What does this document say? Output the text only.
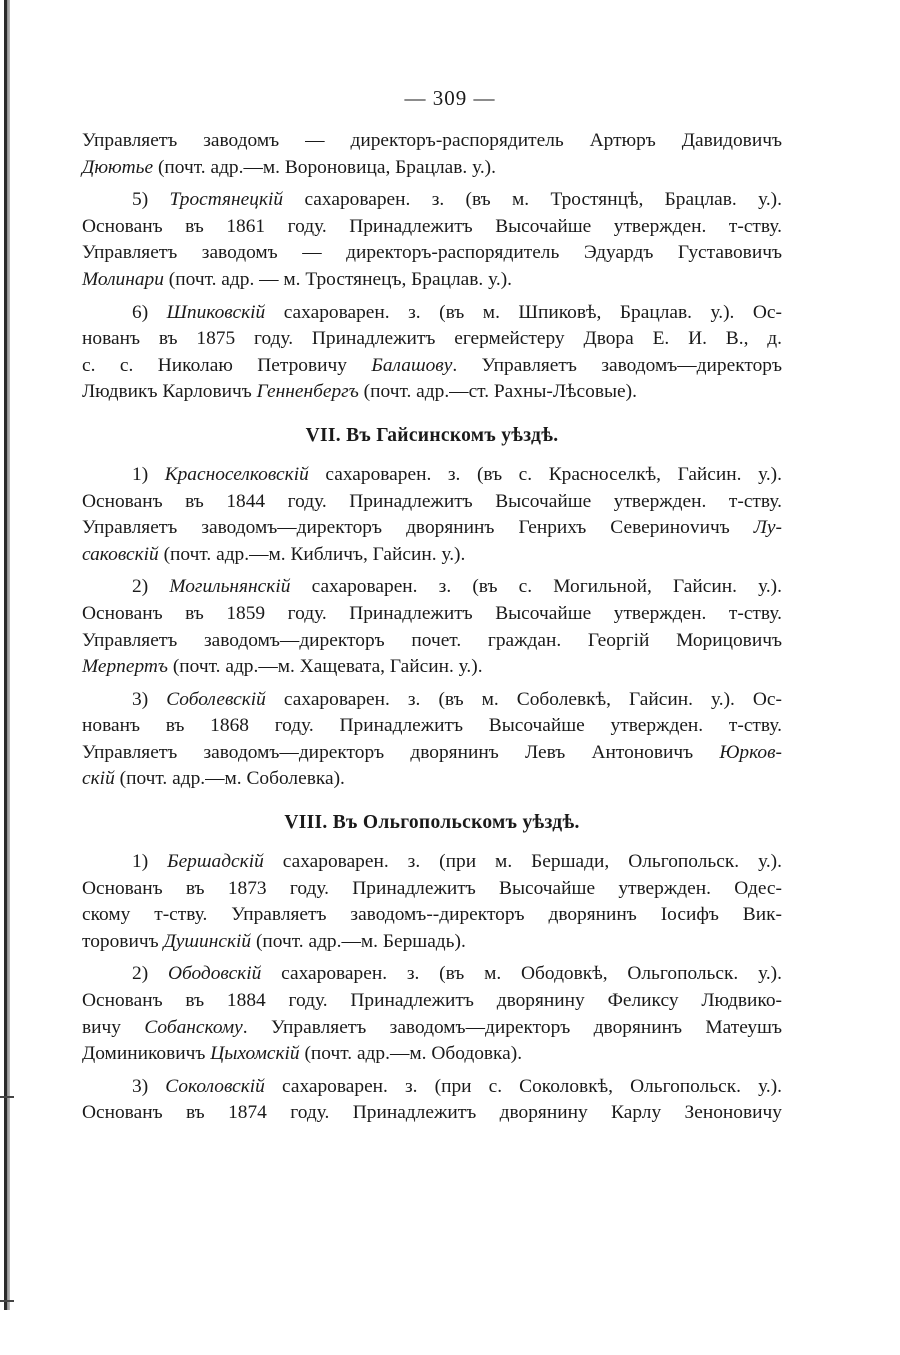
— 309 —
Управляетъ заводомъ — директоръ-распорядитель Артюръ Давидовичъ
Дюютье (почт. адр.—м. Вороновица, Брацлав. у.).
5) Тростянецкій сахароварен. з. (въ м. Тростянцѣ, Брацлав. у.).
Основанъ въ 1861 году. Принадлежитъ Высочайше утвержден. т-ству.
Управляетъ заводомъ — директоръ-распорядитель Эдуардъ Густавовичъ
Молинари (почт. адр. — м. Тростянецъ, Брацлав. у.).
6) Шпиковскій сахароварен. з. (въ м. Шпиковѣ, Брацлав. у.). Ос-
нованъ въ 1875 году. Принадлежитъ егермейстеру Двора Е. И. В., д.
с. с. Николаю Петровичу Балашову. Управляетъ заводомъ—директоръ
Людвикъ Карловичъ Генненбергъ (почт. адр.—ст. Рахны-Лѣсовые).
VII. Въ Гайсинскомъ уѣздѣ.
1) Красноселковскій сахароварен. з. (въ с. Красноселкѣ, Гайсин. у.).
Основанъ въ 1844 году. Принадлежитъ Высочайше утвержден. т-ству.
Управляетъ заводомъ—директоръ дворянинъ Генрихъ Северинovичъ Лу-
саковскій (почт. адр.—м. Кибличъ, Гайсин. у.).
2) Могильнянскій сахароварен. з. (въ с. Могильной, Гайсин. у.).
Основанъ въ 1859 году. Принадлежитъ Высочайше утвержден. т-ству.
Управляетъ заводомъ—директоръ почет. граждан. Георгій Морицовичъ
Мерпертъ (почт. адр.—м. Хащевата, Гайсин. у.).
3) Соболевскій сахароварен. з. (въ м. Соболевкѣ, Гайсин. у.). Ос-
нованъ въ 1868 году. Принадлежитъ Высочайше утвержден. т-ству.
Управляетъ заводомъ—директоръ дворянинъ Левъ Антоновичъ Юрков-
скій (почт. адр.—м. Соболевка).
VIII. Въ Ольгопольскомъ уѣздѣ.
1) Бершадскій сахароварен. з. (при м. Бершади, Ольгопольск. у.).
Основанъ въ 1873 году. Принадлежитъ Высочайше утвержден. Одес-
скому т-ству. Управляетъ заводомъ--директоръ дворянинъ Іосифъ Вик-
торовичъ Душинскій (почт. адр.—м. Бершадь).
2) Ободовскій сахароварен. з. (въ м. Ободовкѣ, Ольгопольск. у.).
Основанъ въ 1884 году. Принадлежитъ дворянину Феликсу Людвико-
вичу Собанскому. Управляетъ заводомъ—директоръ дворянинъ Матеушъ
Доминиковичъ Цыхомскій (почт. адр.—м. Ободовка).
3) Соколовскій сахароварен. з. (при с. Соколовкѣ, Ольгопольск. у.).
Основанъ въ 1874 году. Принадлежитъ дворянину Карлу Зеноновичу
